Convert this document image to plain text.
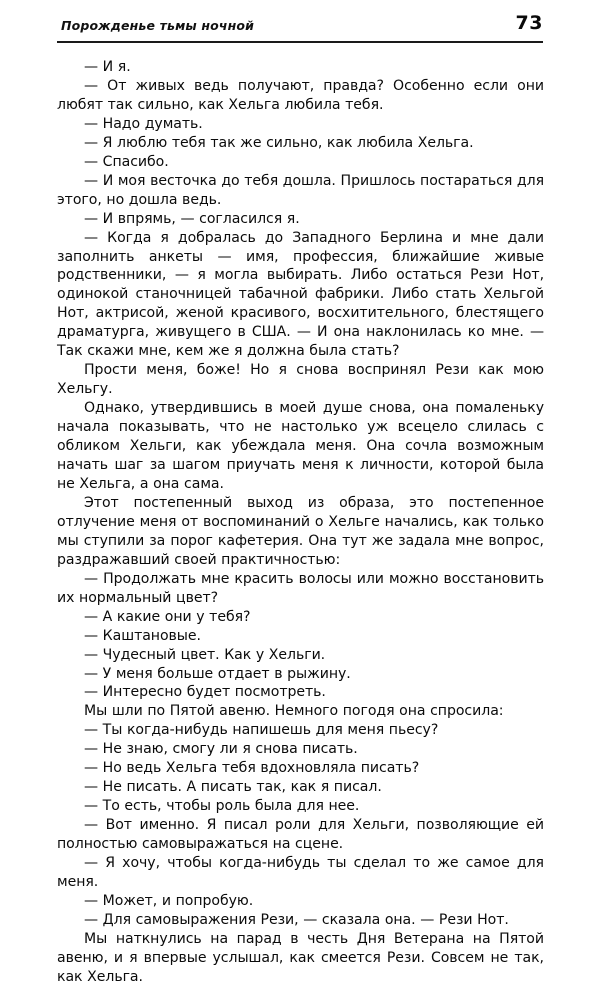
Порожденье тьмы ночной	73

— И я.

— От живых ведь получают, правда? Особенно если они любят так сильно, как Хельга любила тебя.

— Надо думать.

— Я люблю тебя так же сильно, как любила Хельга.

— Спасибо.

— И моя весточка до тебя дошла. Пришлось постараться для этого, но дошла ведь.

— И впрямь, — согласился я.

— Когда я добралась до Западного Берлина и мне дали заполнить анкеты — имя, профессия, ближайшие живые родственники, — я могла выбирать. Либо остаться Рези Нот, одинокой станочницей табачной фабрики. Либо стать Хельгой Нот, актрисой, женой красивого, восхитительного, блестящего драматурга, живущего в США. — И она наклонилась ко мне. — Так скажи мне, кем же я должна была стать?

Прости меня, боже! Но я снова воспринял Рези как мою Хельгу.

Однако, утвердившись в моей душе снова, она помаленьку начала показывать, что не настолько уж всецело слилась с обликом Хельги, как убеждала меня. Она сочла возможным начать шаг за шагом приучать меня к личности, которой была не Хельга, а она сама.

Этот постепенный выход из образа, это постепенное отлучение меня от воспоминаний о Хельге начались, как только мы ступили за порог кафетерия. Она тут же задала мне вопрос, раздражавший своей практичностью:

— Продолжать мне красить волосы или можно восстановить их нормальный цвет?

— А какие они у тебя?

— Каштановые.

— Чудесный цвет. Как у Хельги.

— У меня больше отдает в рыжину.

— Интересно будет посмотреть.

Мы шли по Пятой авеню. Немного погодя она спросила:

— Ты когда-нибудь напишешь для меня пьесу?

— Не знаю, смогу ли я снова писать.

— Но ведь Хельга тебя вдохновляла писать?

— Не писать. А писать так, как я писал.

— То есть, чтобы роль была для нее.

— Вот именно. Я писал роли для Хельги, позволяющие ей полностью самовыражаться на сцене.

— Я хочу, чтобы когда-нибудь ты сделал то же самое для меня.

— Может, и попробую.

— Для самовыражения Рези, — сказала она. — Рези Нот.

Мы наткнулись на парад в честь Дня Ветерана на Пятой авеню, и я впервые услышал, как смеется Рези. Совсем не так, как Хельга.
